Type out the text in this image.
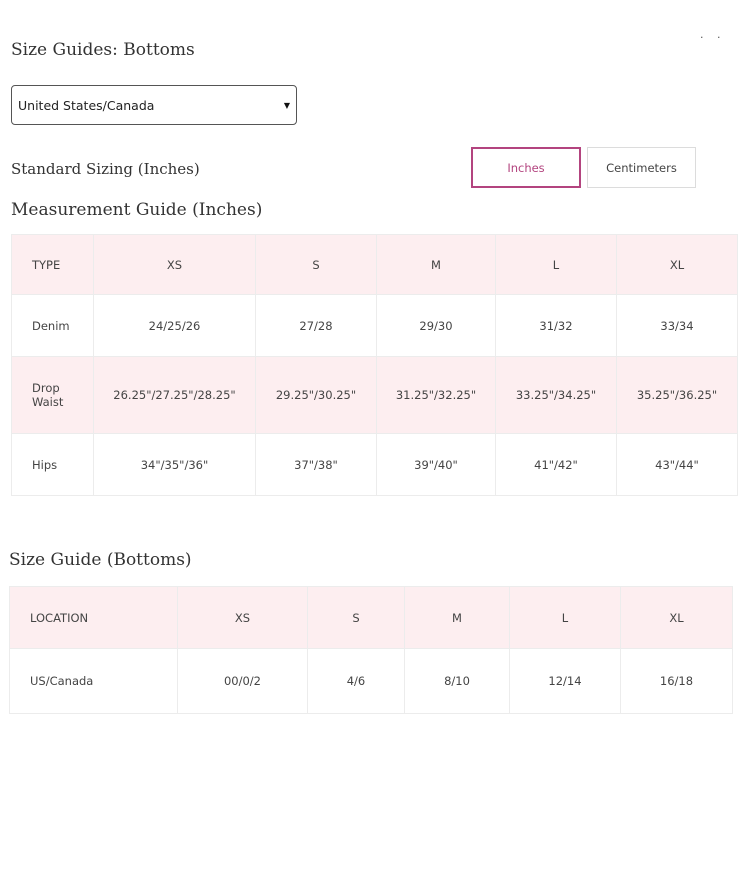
. .
Size Guides: Bottoms
United States/Canada	▼
Standard Sizing (Inches)	Inches	Centimeters
Measurement Guide (Inches)
TYPE	XS	S	M	L	XL
Denim	24/25/26	27/28	29/30	31/32	33/34
Drop Waist	26.25"/27.25"/28.25"	29.25"/30.25"	31.25"/32.25"	33.25"/34.25"	35.25"/36.25"
Hips	34"/35"/36"	37"/38"	39"/40"	41"/42"	43"/44"
Size Guide (Bottoms)
LOCATION	XS	S	M	L	XL
US/Canada	00/0/2	4/6	8/10	12/14	16/18
